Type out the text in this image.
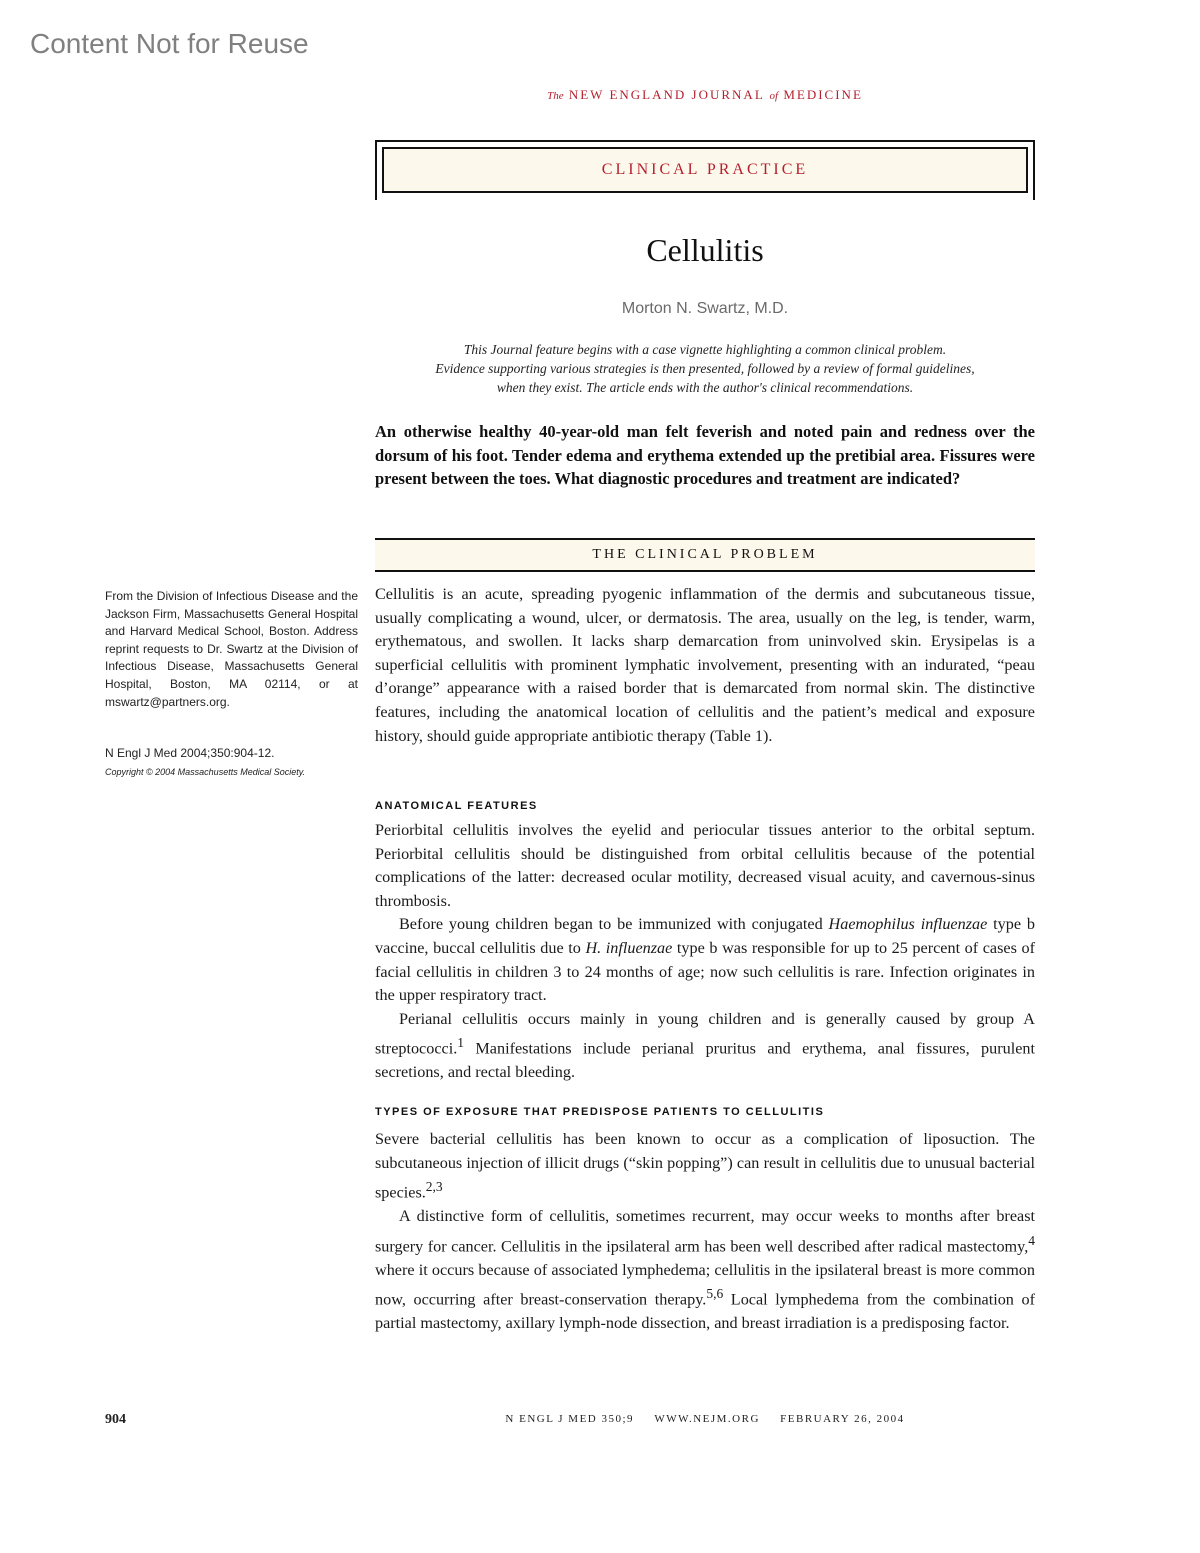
Content Not for Reuse
The NEW ENGLAND JOURNAL of MEDICINE
CLINICAL PRACTICE
Cellulitis
Morton N. Swartz, M.D.
This Journal feature begins with a case vignette highlighting a common clinical problem.
Evidence supporting various strategies is then presented, followed by a review of formal guidelines,
when they exist. The article ends with the author's clinical recommendations.
An otherwise healthy 40-year-old man felt feverish and noted pain and redness over the dorsum of his foot. Tender edema and erythema extended up the pretibial area. Fissures were present between the toes. What diagnostic procedures and treatment are indicated?
THE CLINICAL PROBLEM
From the Division of Infectious Disease and the Jackson Firm, Massachusetts General Hospital and Harvard Medical School, Boston. Address reprint requests to Dr. Swartz at the Division of Infectious Disease, Massachusetts General Hospital, Boston, MA 02114, or at mswartz@partners.org.
N Engl J Med 2004;350:904-12.
Copyright © 2004 Massachusetts Medical Society.

Cellulitis is an acute, spreading pyogenic inflammation of the dermis and subcutaneous tissue, usually complicating a wound, ulcer, or dermatosis. The area, usually on the leg, is tender, warm, erythematous, and swollen. It lacks sharp demarcation from uninvolved skin. Erysipelas is a superficial cellulitis with prominent lymphatic involvement, presenting with an indurated, “peau d’orange” appearance with a raised border that is demarcated from normal skin. The distinctive features, including the anatomical location of cellulitis and the patient’s medical and exposure history, should guide appropriate antibiotic therapy (Table 1).

ANATOMICAL FEATURES

Periorbital cellulitis involves the eyelid and periocular tissues anterior to the orbital septum. Periorbital cellulitis should be distinguished from orbital cellulitis because of the potential complications of the latter: decreased ocular motility, decreased visual acuity, and cavernous-sinus thrombosis.

Before young children began to be immunized with conjugated Haemophilus influenzae type b vaccine, buccal cellulitis due to H. influenzae type b was responsible for up to 25 percent of cases of facial cellulitis in children 3 to 24 months of age; now such cellulitis is rare. Infection originates in the upper respiratory tract.

Perianal cellulitis occurs mainly in young children and is generally caused by group A streptococci.$^1$ Manifestations include perianal pruritus and erythema, anal fissures, purulent secretions, and rectal bleeding.

TYPES OF EXPOSURE THAT PREDISPOSE PATIENTS TO CELLULITIS

Severe bacterial cellulitis has been known to occur as a complication of liposuction. The subcutaneous injection of illicit drugs (“skin popping”) can result in cellulitis due to unusual bacterial species.$^{2,3}$

A distinctive form of cellulitis, sometimes recurrent, may occur weeks to months after breast surgery for cancer. Cellulitis in the ipsilateral arm has been well described after radical mastectomy,$^4$ where it occurs because of associated lymphedema; cellulitis in the ipsilateral breast is more common now, occurring after breast-conservation therapy.$^{5,6}$ Local lymphedema from the combination of partial mastectomy, axillary lymph-node dissection, and breast irradiation is a predisposing factor.

904	N ENGL J MED 350;9 WWW.NEJM.ORG FEBRUARY 26, 2004
